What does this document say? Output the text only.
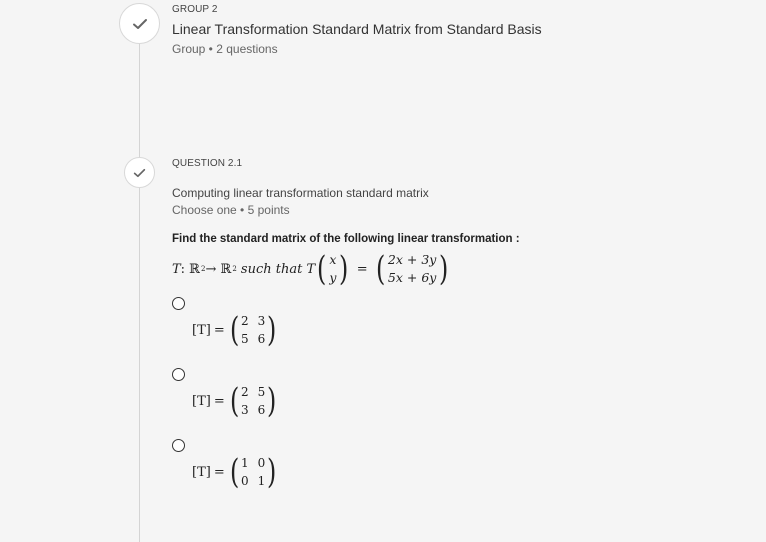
GROUP 2
Linear Transformation Standard Matrix from Standard Basis
Group • 2 questions
QUESTION 2.1
Computing linear transformation standard matrix
Choose one • 5 points
Find the standard matrix of the following linear transformation :
T : ℝ 2 → ℝ 2 such that T ( x
y ) = ( 2x + 3y
5x + 6y )
[T] = ( 2 3
5 6 )
[T] = ( 2 5
3 6 )
[T] = ( 1 0
0 1 )
